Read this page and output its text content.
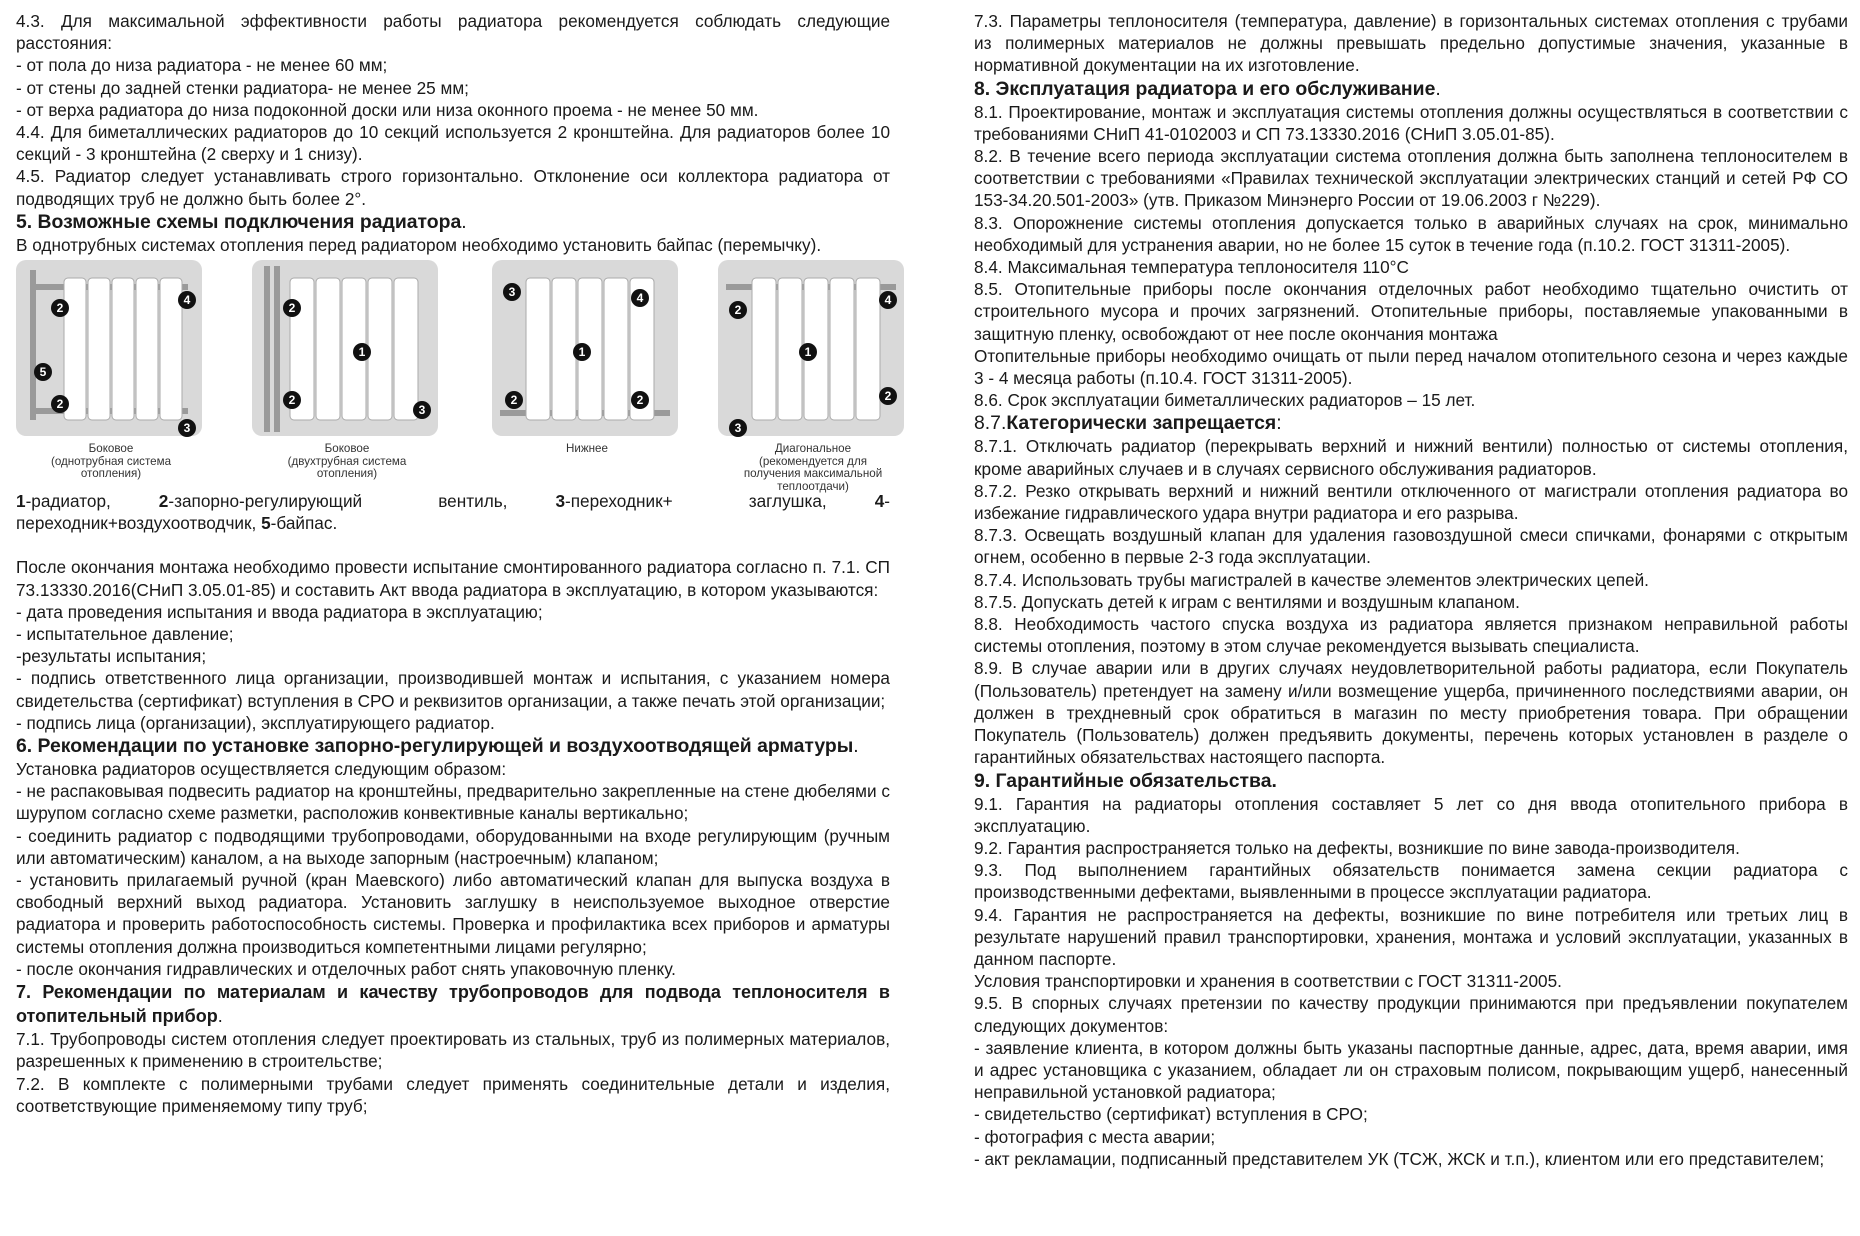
4.3. Для максимальной эффективности работы радиатора рекомендуется соблюдать следующие расстояния:

- от пола до низа радиатора - не менее 60 мм;

- от стены до задней стенки радиатора- не менее 25 мм;

- от верха радиатора до низа подоконной доски или низа оконного проема - не менее 50 мм.

4.4. Для биметаллических радиаторов до 10 секций используется 2 кронштейна. Для радиаторов более 10 секций - 3 кронштейна (2 сверху и 1 снизу).

4.5. Радиатор следует устанавливать строго горизонтально. Отклонение оси коллектора радиатора от подводящих труб не должно быть более 2°.

5. Возможные схемы подключения радиатора.

В однотрубных системах отопления перед радиатором необходимо установить байпас (перемычку).

2
4
5
2
3
Боковое
(однотрубная система
отопления)
2
1
2
3
Боковое
(двухтрубная система
отопления)
3	4
1
2	2
Нижнее
2
4
1
2
3
Диагональное
(рекомендуется для
получения максимальной
теплоотдачи)

1-радиатор,	2-запорно-регулирующий вентиль,	3-переходник+ заглушка,	4-переходник+воздухоотводчик, 5-байпас.

После окончания монтажа необходимо провести испытание смонтированного радиатора согласно п. 7.1. СП 73.13330.2016(СНиП 3.05.01-85) и составить Акт ввода радиатора в эксплуатацию, в котором указываются:

- дата проведения испытания и ввода радиатора в эксплуатацию;

- испытательное давление;

-результаты испытания;

- подпись ответственного лица организации, производившей монтаж и испытания, с указанием номера свидетельства (сертификат) вступления в СРО и реквизитов организации, а также печать этой организации;

- подпись лица (организации), эксплуатирующего радиатор.

6. Рекомендации по установке запорно-регулирующей и воздухоотводящей арматуры.

Установка радиаторов осуществляется следующим образом:

- не распаковывая подвесить радиатор на кронштейны, предварительно закрепленные на стене дюбелями с шурупом согласно схеме разметки, расположив конвективные каналы вертикально;

- соединить радиатор с подводящими трубопроводами, оборудованными на входе регулирующим (ручным или автоматическим) каналом, а на выходе запорным (настроечным) клапаном;

- установить прилагаемый ручной (кран Маевского) либо автоматический клапан для выпуска воздуха в свободный верхний выход радиатора. Установить заглушку в неиспользуемое выходное отверстие радиатора и проверить работоспособность системы. Проверка и профилактика всех приборов и арматуры системы отопления должна производиться компетентными лицами регулярно;

- после окончания гидравлических и отделочных работ снять упаковочную пленку.

7. Рекомендации по материалам и качеству трубопроводов для подвода теплоносителя в отопительный прибор.

7.1. Трубопроводы систем отопления следует проектировать из стальных, труб из полимерных материалов, разрешенных к применению в строительстве;

7.2. В комплекте с полимерными трубами следует применять соединительные детали и изделия, соответствующие применяемому типу труб;

7.3. Параметры теплоносителя (температура, давление) в горизонтальных системах отопления с трубами из полимерных материалов не должны превышать предельно допустимые значения, указанные в нормативной документации на их изготовление.

8. Эксплуатация радиатора и его обслуживание.

8.1. Проектирование, монтаж и эксплуатация системы отопления должны осуществляться в соответствии с требованиями СНиП 41-0102003 и СП 73.13330.2016 (СНиП 3.05.01-85).

8.2. В течение всего периода эксплуатации система отопления должна быть заполнена теплоносителем в соответствии с требованиями «Правилах технической эксплуатации электрических станций и сетей РФ СО 153-34.20.501-2003» (утв. Приказом Минэнерго России от 19.06.2003 г №229).

8.3. Опорожнение системы отопления допускается только в аварийных случаях на срок, минимально необходимый для устранения аварии, но не более 15 суток в течение года (п.10.2. ГОСТ 31311-2005).

8.4. Максимальная температура теплоносителя 110°С

8.5. Отопительные приборы после окончания отделочных работ необходимо тщательно очистить от строительного мусора и прочих загрязнений. Отопительные приборы, поставляемые упакованными в защитную пленку, освобождают от нее после окончания монтажа

Отопительные приборы необходимо очищать от пыли перед началом отопительного сезона и через каждые 3 - 4 месяца работы (п.10.4. ГОСТ 31311-2005).

8.6. Срок эксплуатации биметаллических радиаторов – 15 лет.

8.7.Категорически запрещается:

8.7.1. Отключать радиатор (перекрывать верхний и нижний вентили) полностью от системы отопления, кроме аварийных случаев и в случаях сервисного обслуживания радиаторов.

8.7.2. Резко открывать верхний и нижний вентили отключенного от магистрали отопления радиатора во избежание гидравлического удара внутри радиатора и его разрыва.

8.7.3. Освещать воздушный клапан для удаления газовоздушной смеси спичками, фонарями с открытым огнем, особенно в первые 2-3 года эксплуатации.

8.7.4. Использовать трубы магистралей в качестве элементов электрических цепей.

8.7.5. Допускать детей к играм с вентилями и воздушным клапаном.

8.8. Необходимость частого спуска воздуха из радиатора является признаком неправильной работы системы отопления, поэтому в этом случае рекомендуется вызывать специалиста.

8.9. В случае аварии или в других случаях неудовлетворительной работы радиатора, если Покупатель (Пользователь) претендует на замену и/или возмещение ущерба, причиненного последствиями аварии, он должен в трехдневный срок обратиться в магазин по месту приобретения товара. При обращении Покупатель (Пользователь) должен предъявить документы, перечень которых установлен в разделе о гарантийных обязательствах настоящего паспорта.

9. Гарантийные обязательства.

9.1. Гарантия на радиаторы отопления составляет 5 лет со дня ввода отопительного прибора в эксплуатацию.

9.2. Гарантия распространяется только на дефекты, возникшие по вине завода-производителя.

9.3. Под выполнением гарантийных обязательств понимается замена секции радиатора с производственными дефектами, выявленными в процессе эксплуатации радиатора.

9.4. Гарантия не распространяется на дефекты, возникшие по вине потребителя или третьих лиц в результате нарушений правил транспортировки, хранения, монтажа и условий эксплуатации, указанных в данном паспорте.

Условия транспортировки и хранения в соответствии с ГОСТ 31311-2005.

9.5. В спорных случаях претензии по качеству продукции принимаются при предъявлении покупателем следующих документов:

- заявление клиента, в котором должны быть указаны паспортные данные, адрес, дата, время аварии, имя и адрес установщика с указанием, обладает ли он страховым полисом, покрывающим ущерб, нанесенный неправильной установкой радиатора;

- свидетельство (сертификат) вступления в СРО;

- фотография с места аварии;

- акт рекламации, подписанный представителем УК (ТСЖ, ЖСК и т.п.), клиентом или его представителем;
